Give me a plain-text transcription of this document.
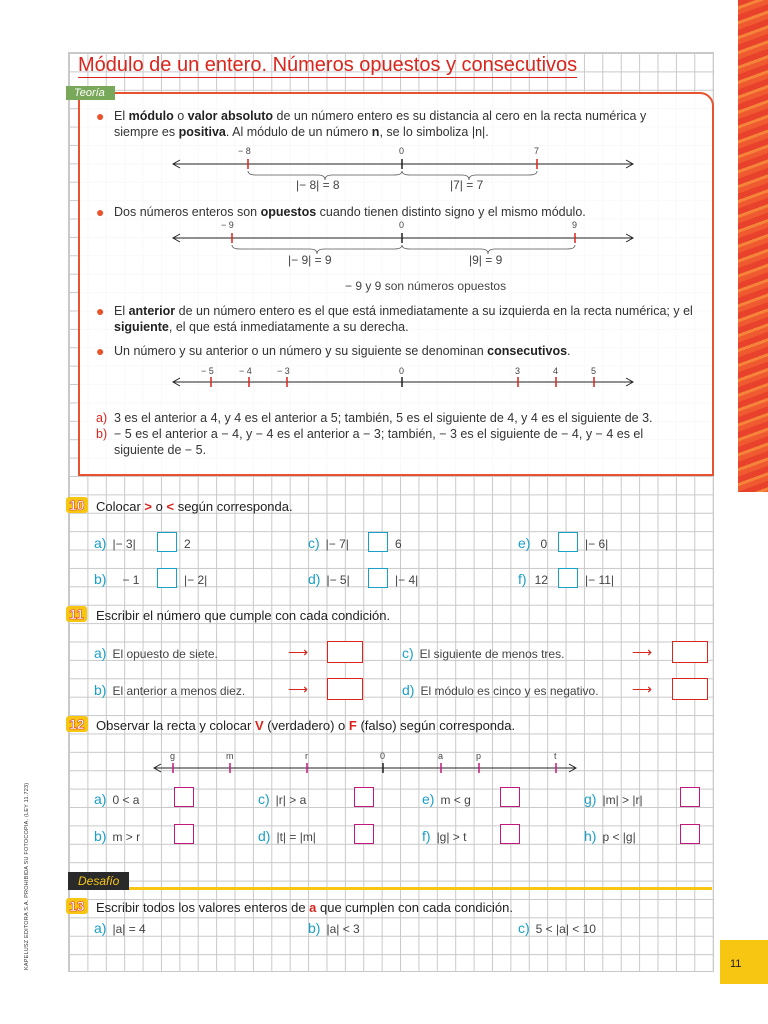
KAPELUSZ EDITORA S.A. PROHIBIDA SU FOTOCOPIA. (LEY 11.723)	11
Módulo de un entero. Números opuestos y consecutivos
Teoría
● El módulo o valor absoluto de un número entero es su distancia al cero en la recta numérica y siempre es positiva. Al módulo de un número n, se lo simboliza |n|.
− 8	0	7
|− 8| = 8	|7| = 7
● Dos números enteros son opuestos cuando tienen distinto signo y el mismo módulo.
− 9	0	9
|− 9| = 9	|9| = 9
− 9 y 9 son números opuestos
● El anterior de un número entero es el que está inmediatamente a su izquierda en la recta numérica; y el siguiente, el que está inmediatamente a su derecha.
● Un número y su anterior o un número y su siguiente se denominan consecutivos.
− 5	− 4	− 3	0	3	4	5
a) 3 es el anterior a 4, y 4 es el anterior a 5; también, 5 es el siguiente de 4, y 4 es el siguiente de 3.
b) − 5 es el anterior a − 4, y − 4 es el anterior a − 3; también, − 3 es el siguiente de − 4, y − 4 es el siguiente de − 5.
10 Colocar > o < según corresponda.
a) |− 3|	2
b) − 1	|− 2|
c) |− 7|	6
d) |− 5|	|− 4|
e) 0	|− 6|
f) 12	|− 11|
11 Escribir el número que cumple con cada condición.
a) El opuesto de siete.	⟶
b) El anterior a menos diez.	⟶
c) El siguiente de menos tres.	⟶
d) El módulo es cinco y es negativo. ⟶
12 Observar la recta y colocar V (verdadero) o F (falso) según corresponda.
g	m	r	0	a	p	t
a) 0 < a
b) m > r
c) |r| > a
d) |t| = |m|
e) m < g
f) |g| > t
g) |m| > |r|
h) p < |g|
Desafío
13 Escribir todos los valores enteros de a que cumplen con cada condición.
a) |a| = 4	b) |a| < 3	c) 5 < |a| < 10
